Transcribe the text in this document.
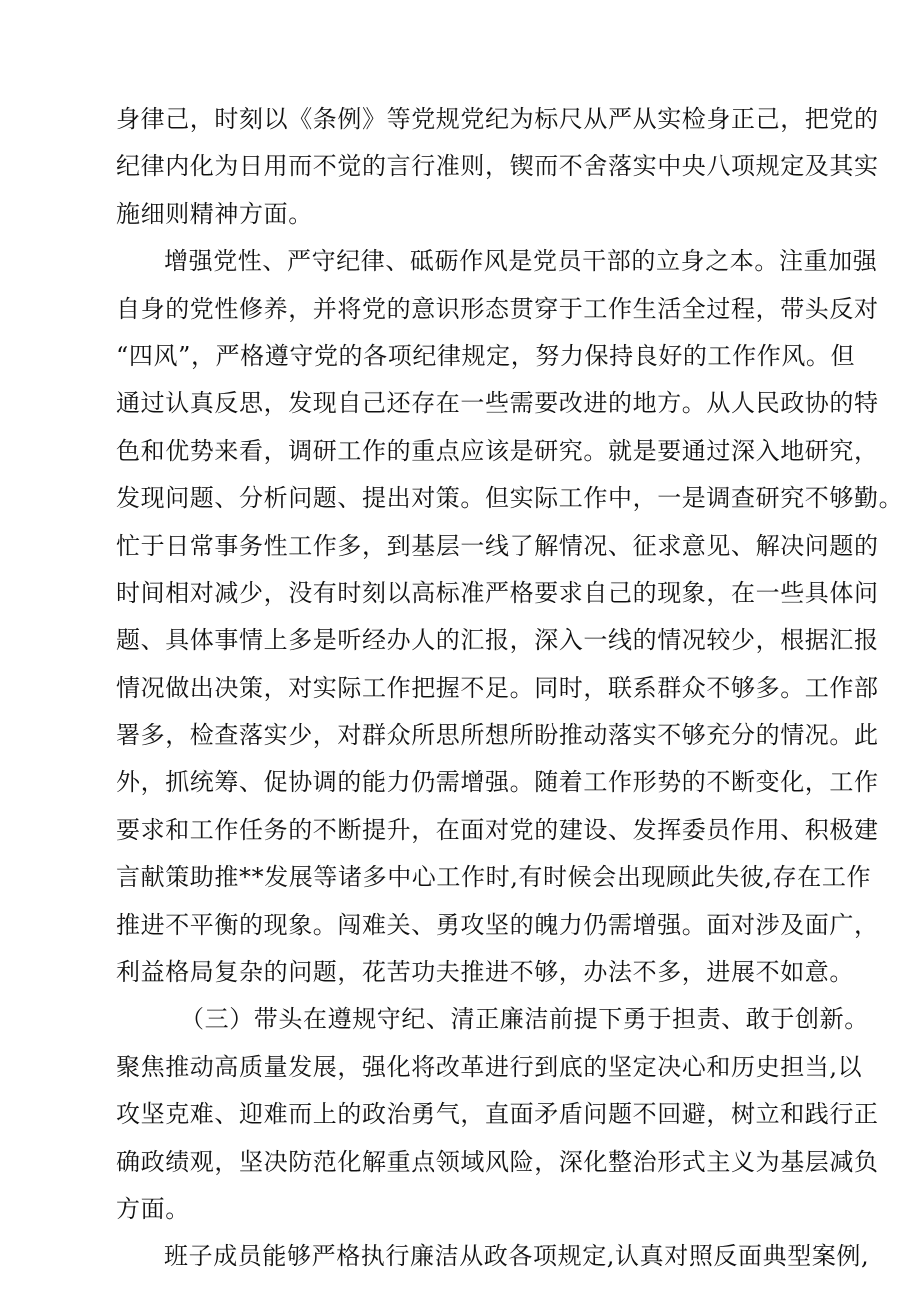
身律己，时刻以《条例》等党规党纪为标尺从严从实检身正己，把党的
纪律内化为日用而不觉的言行准则，锲而不舍落实中央八项规定及其实
施细则精神方面。
增强党性、严守纪律、砥砺作风是党员干部的立身之本。注重加强
自身的党性修养，并将党的意识形态贯穿于工作生活全过程，带头反对
“四风”，严格遵守党的各项纪律规定，努力保持良好的工作作风。但
通过认真反思，发现自己还存在一些需要改进的地方。从人民政协的特
色和优势来看，调研工作的重点应该是研究。就是要通过深入地研究，
发现问题、分析问题、提出对策。但实际工作中，一是调查研究不够勤。
忙于日常事务性工作多，到基层一线了解情况、征求意见、解决问题的
时间相对减少，没有时刻以高标准严格要求自己的现象，在一些具体问
题、具体事情上多是听经办人的汇报，深入一线的情况较少，根据汇报
情况做出决策，对实际工作把握不足。同时，联系群众不够多。工作部
署多，检查落实少，对群众所思所想所盼推动落实不够充分的情况。此
外，抓统筹、促协调的能力仍需增强。随着工作形势的不断变化，工作
要求和工作任务的不断提升，在面对党的建设、发挥委员作用、积极建
言献策助推**发展等诸多中心工作时,有时候会出现顾此失彼,存在工作
推进不平衡的现象。闯难关、勇攻坚的魄力仍需增强。面对涉及面广，
利益格局复杂的问题，花苦功夫推进不够，办法不多，进展不如意。
（三）带头在遵规守纪、清正廉洁前提下勇于担责、敢于创新。
聚焦推动高质量发展，强化将改革进行到底的坚定决心和历史担当,以
攻坚克难、迎难而上的政治勇气，直面矛盾问题不回避，树立和践行正
确政绩观，坚决防范化解重点领域风险，深化整治形式主义为基层减负
方面。
班子成员能够严格执行廉洁从政各项规定,认真对照反面典型案例,
